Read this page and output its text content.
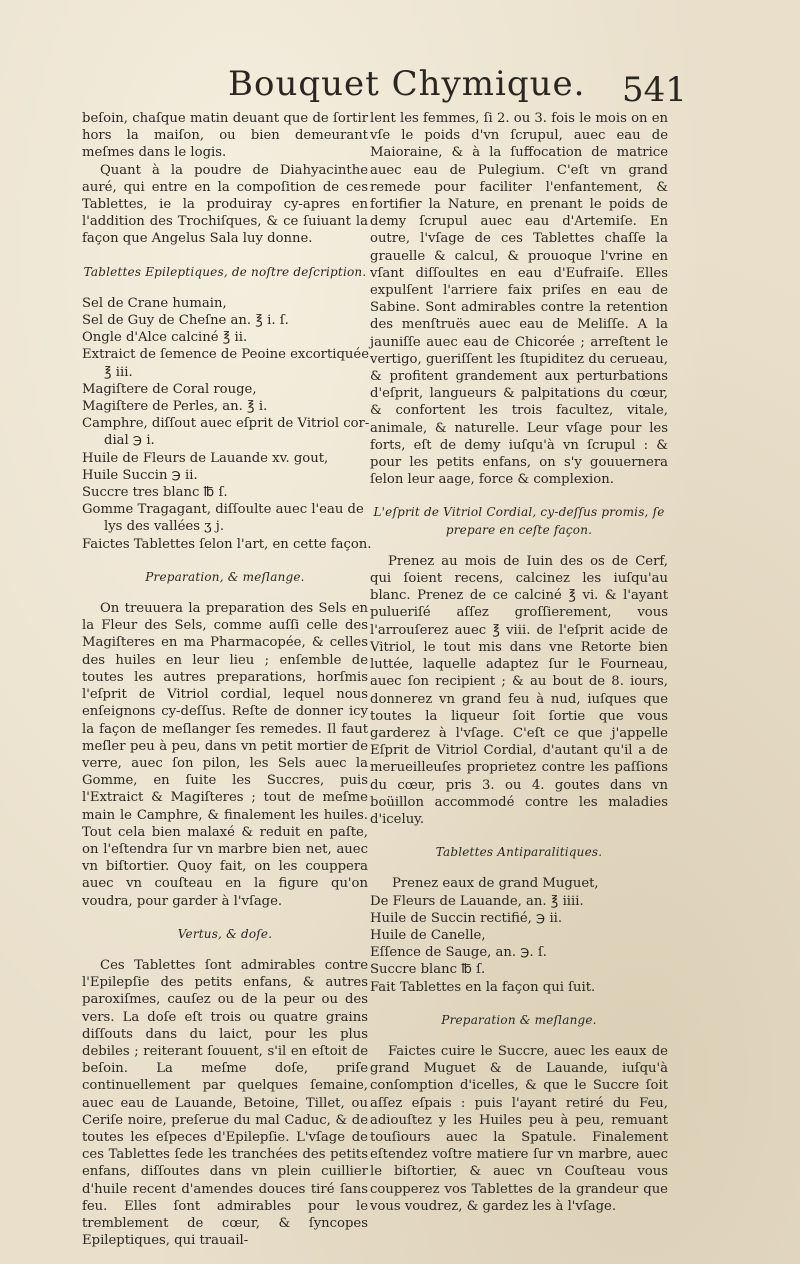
Bouquet Chymique. 541

beſoin, chaſque matin deuant que de ſortir hors la maiſon, ou bien demeurant meſmes dans le logis.

Quant à la poudre de Diahyacinthe auré, qui entre en la compoſition de ces Tablettes, ie la produiray cy-apres en l'addition des Trochiſques, & ce ſuiuant la façon que Angelus Sala luy donne.

Tablettes Epileptiques, de noſtre deſcription.

Sel de Crane humain,

Sel de Guy de Cheſne an. ℥ i. ſ.

Ongle d'Alce calciné ℥ ii.

Extraict de ſemence de Peoine excortiquée

℥ iii.

Magiſtere de Coral rouge,

Magiſtere de Perles, an. ℥ i.

Camphre, diſſout auec eſprit de Vitriol cor-

dial ℈ i.

Huile de Fleurs de Lauande xv. gout,

Huile Succin ℈ ii.

Succre tres blanc ℔ ſ.

Gomme Tragagant, diſſoulte auec l'eau de

lys des vallées ʒ j.

Faictes Tablettes ſelon l'art, en cette façon.

Preparation, & meſlange.

On treuuera la preparation des Sels en la Fleur des Sels, comme auſſi celle des Magiſteres en ma Pharmacopée, & celles des huiles en leur lieu ; enſemble de toutes les autres preparations, horſmis l'eſprit de Vitriol cordial, lequel nous enſeignons cy-deſſus. Reſte de donner icy la façon de meſlanger ſes remedes. Il faut meſler peu à peu, dans vn petit mortier de verre, auec ſon pilon, les Sels auec la Gomme, en ſuite les Succres, puis l'Extraict & Magiſteres ; tout de meſme main le Camphre, & finalement les huiles. Tout cela bien malaxé & reduit en paſte, on l'eſtendra ſur vn marbre bien net, auec vn biſtortier. Quoy fait, on les couppera auec vn couſteau en la figure qu'on voudra, pour garder à l'vſage.

Vertus, & doſe.

Ces Tablettes ſont admirables contre l'Epilepſie des petits enfans, & autres paroxiſmes, cauſez ou de la peur ou des vers. La doſe eſt trois ou quatre grains diſſouts dans du laict, pour les plus debiles ; reiterant ſouuent, s'il en eſtoit de beſoin. La meſme doſe, priſe continuellement par quelques ſemaine, auec eau de Lauande, Betoine, Tillet, ou Ceriſe noire, preſerue du mal Caduc, & de toutes les eſpeces d'Epilepſie. L'vſage de ces Tablettes ſede les tranchées des petits enfans, diſſoutes dans vn plein cuillier d'huile recent d'amendes douces tiré ſans feu. Elles ſont admirables pour le tremblement de cœur, & ſyncopes Epileptiques, qui trauail-

lent les femmes, ſi 2. ou 3. fois le mois on en vſe le poids d'vn ſcrupul, auec eau de Maioraine, & à la ſuffocation de matrice auec eau de Pulegium. C'eſt vn grand remede pour faciliter l'enfantement, & fortifier la Nature, en prenant le poids de demy ſcrupul auec eau d'Artemiſe. En outre, l'vſage de ces Tablettes chaſſe la grauelle & calcul, & prouoque l'vrine en vſant diſſoultes en eau d'Eufraiſe. Elles expulſent l'arriere faix priſes en eau de Sabine. Sont admirables contre la retention des menſtruës auec eau de Meliſſe. A la jauniſſe auec eau de Chicorée ; arreſtent le vertigo, gueriſſent les ſtupiditez du cerueau, & profitent grandement aux perturbations d'eſprit, langueurs & palpitations du cœur, & confortent les trois facultez, vitale, animale, & naturelle. Leur vſage pour les forts, eſt de demy iuſqu'à vn ſcrupul : & pour les petits enfans, on s'y gouuernera ſelon leur aage, force & complexion.

L'eſprit de Vitriol Cordial, cy-deſſus promis, ſe prepare en ceſte façon.

Prenez au mois de Iuin des os de Cerf, qui ſoient recens, calcinez les iuſqu'au blanc. Prenez de ce calciné ℥ vi. & l'ayant pulueriſé aſſez groſſierement, vous l'arrouſerez auec ℥ viii. de l'eſprit acide de Vitriol, le tout mis dans vne Retorte bien luttée, laquelle adaptez ſur le Fourneau, auec ſon recipient ; & au bout de 8. iours, donnerez vn grand feu à nud, iuſques que toutes la liqueur ſoit ſortie que vous garderez à l'vſage. C'eſt ce que j'appelle Eſprit de Vitriol Cordial, d'autant qu'il a de merueilleuſes proprietez contre les paſſions du cœur, pris 3. ou 4. goutes dans vn boüillon accommodé contre les maladies d'iceluy.

Tablettes Antiparalitiques.

Prenez eaux de grand Muguet,

De Fleurs de Lauande, an. ℥ iiii.

Huile de Succin rectifié, ℈ ii.

Huile de Canelle,

Eſſence de Sauge, an. ℈. ſ.

Succre blanc ℔ ſ.

Fait Tablettes en la façon qui ſuit.

Preparation & meſlange.

Faictes cuire le Succre, auec les eaux de grand Muguet & de Lauande, iuſqu'à conſomption d'icelles, & que le Succre ſoit aſſez eſpais : puis l'ayant retiré du Feu, adiouſtez y les Huiles peu à peu, remuant touſiours auec la Spatule. Finalement eſtendez voſtre matiere ſur vn marbre, auec le biſtortier, & auec vn Couſteau vous coupperez vos Tablettes de la grandeur que vous voudrez, & gardez les à l'vſage.
